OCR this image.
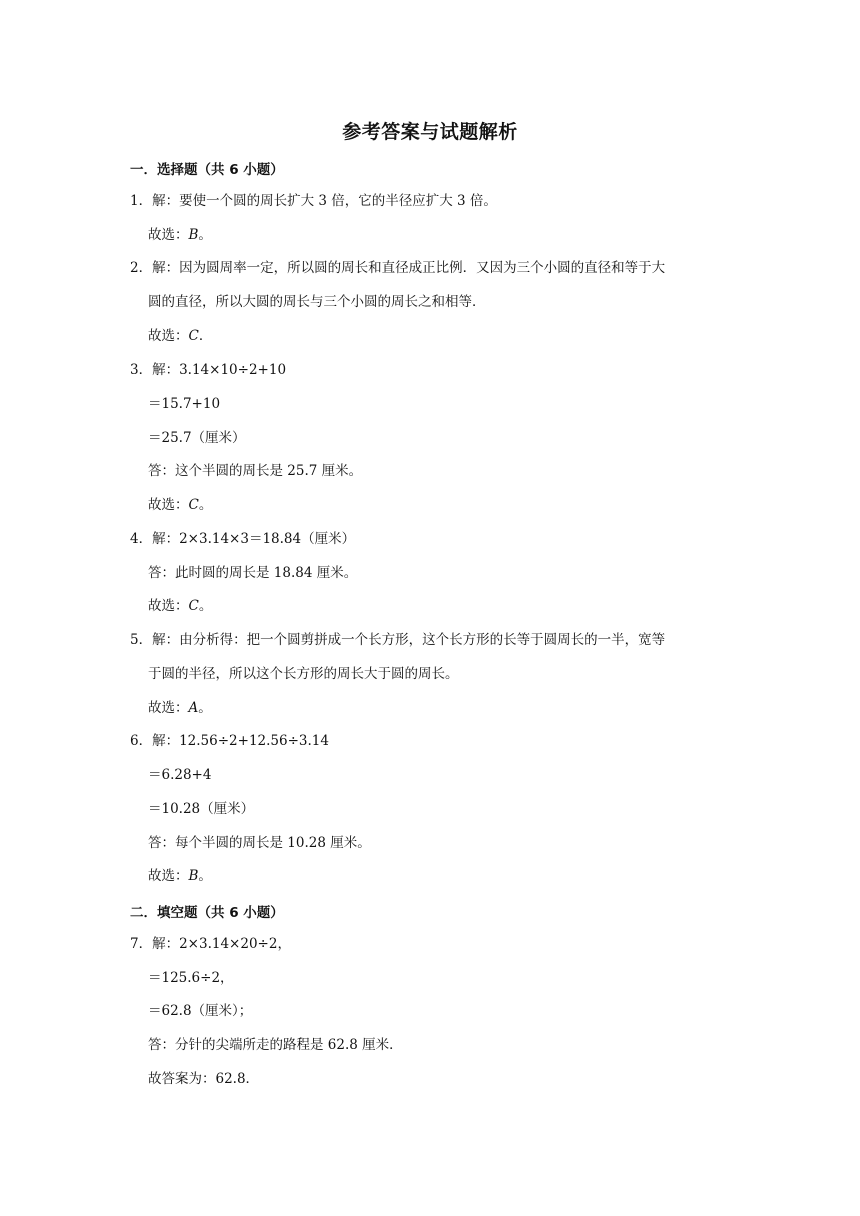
参考答案与试题解析
一．选择题（共 6 小题）
1．解：要使一个圆的周长扩大 3 倍，它的半径应扩大 3 倍。
故选：B。
2．解：因为圆周率一定，所以圆的周长和直径成正比例．又因为三个小圆的直径和等于大
圆的直径，所以大圆的周长与三个小圆的周长之和相等．
故选：C．
3．解：3.14×10÷2+10
＝15.7+10
＝25.7（厘米）
答：这个半圆的周长是 25.7 厘米。
故选：C。
4．解：2×3.14×3＝18.84（厘米）
答：此时圆的周长是 18.84 厘米。
故选：C。
5．解：由分析得：把一个圆剪拼成一个长方形，这个长方形的长等于圆周长的一半，宽等
于圆的半径，所以这个长方形的周长大于圆的周长。
故选：A。
6．解：12.56÷2+12.56÷3.14
＝6.28+4
＝10.28（厘米）
答：每个半圆的周长是 10.28 厘米。
故选：B。
二．填空题（共 6 小题）
7．解：2×3.14×20÷2，
＝125.6÷2，
＝62.8（厘米）；
答：分针的尖端所走的路程是 62.8 厘米．
故答案为：62.8．
